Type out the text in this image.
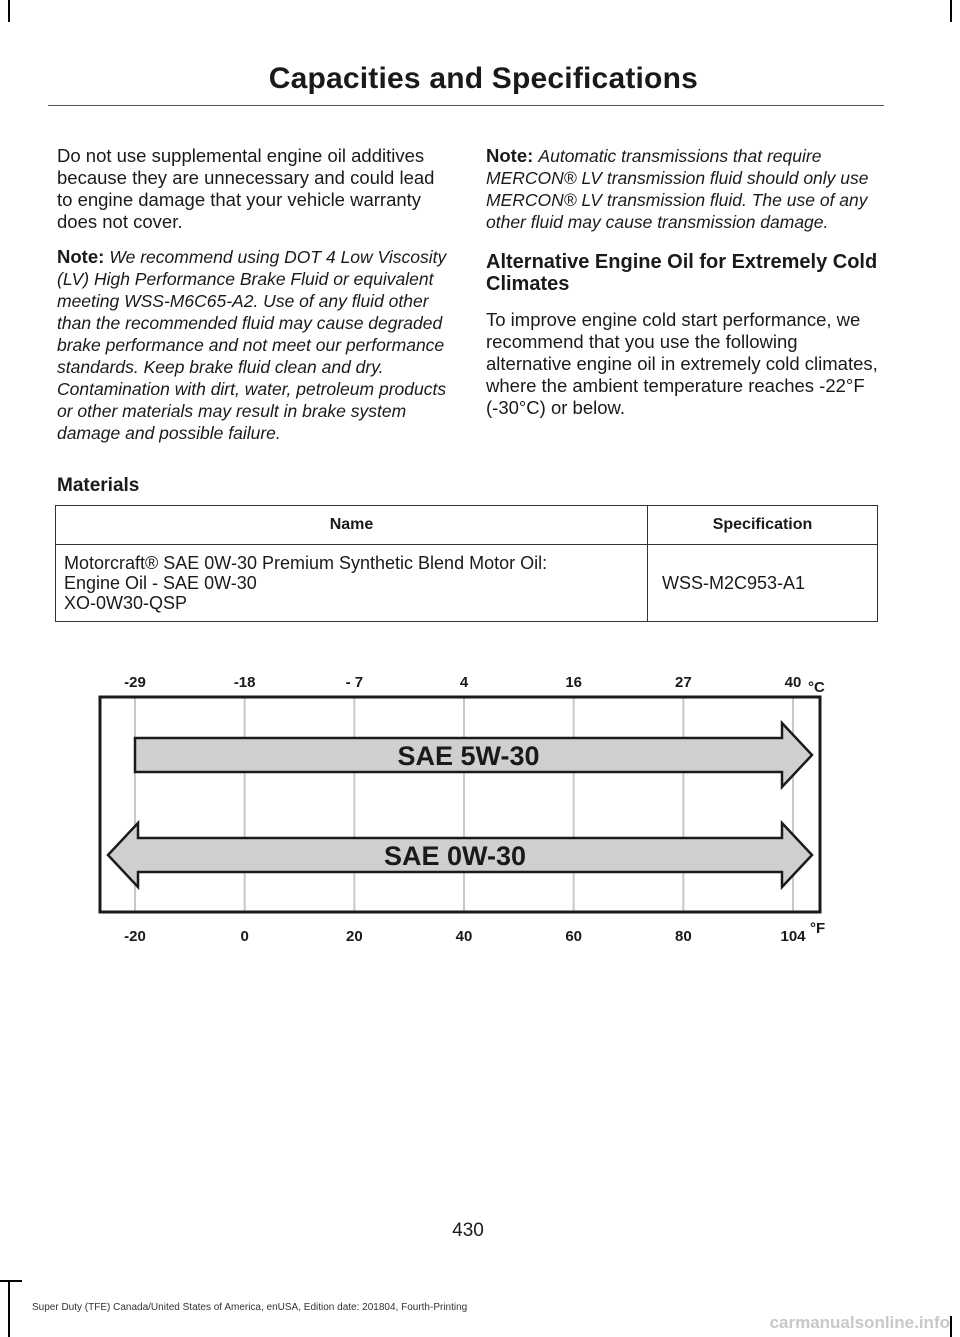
Capacities and Specifications

Do not use supplemental engine oil additives because they are unnecessary and could lead to engine damage that your vehicle warranty does not cover.

Note: We recommend using DOT 4 Low Viscosity (LV) High Performance Brake Fluid or equivalent meeting WSS-M6C65-A2. Use of any fluid other than the recommended fluid may cause degraded brake performance and not meet our performance standards. Keep brake fluid clean and dry. Contamination with dirt, water, petroleum products or other materials may result in brake system damage and possible failure.

Note: Automatic transmissions that require MERCON® LV transmission fluid should only use MERCON® LV transmission fluid. The use of any other fluid may cause transmission damage.

Alternative Engine Oil for Extremely Cold Climates

To improve engine cold start performance, we recommend that you use the following alternative engine oil in extremely cold climates, where the ambient temperature reaches -22°F (-30°C) or below.

Materials
Name	Specification

Motorcraft® SAE 0W-30 Premium Synthetic Blend Motor Oil:
Engine Oil - SAE 0W-30
XO-0W30-QSP	WSS-M2C953-A1
-29
-20
-18
0
- 7
20
4
40
16
60
27
80
40
104
°C
°F
SAE 5W-30
SAE 0W-30
430
Super Duty (TFE) Canada/United States of America, enUSA, Edition date: 201804, Fourth-Printing
carmanualsonline.info
